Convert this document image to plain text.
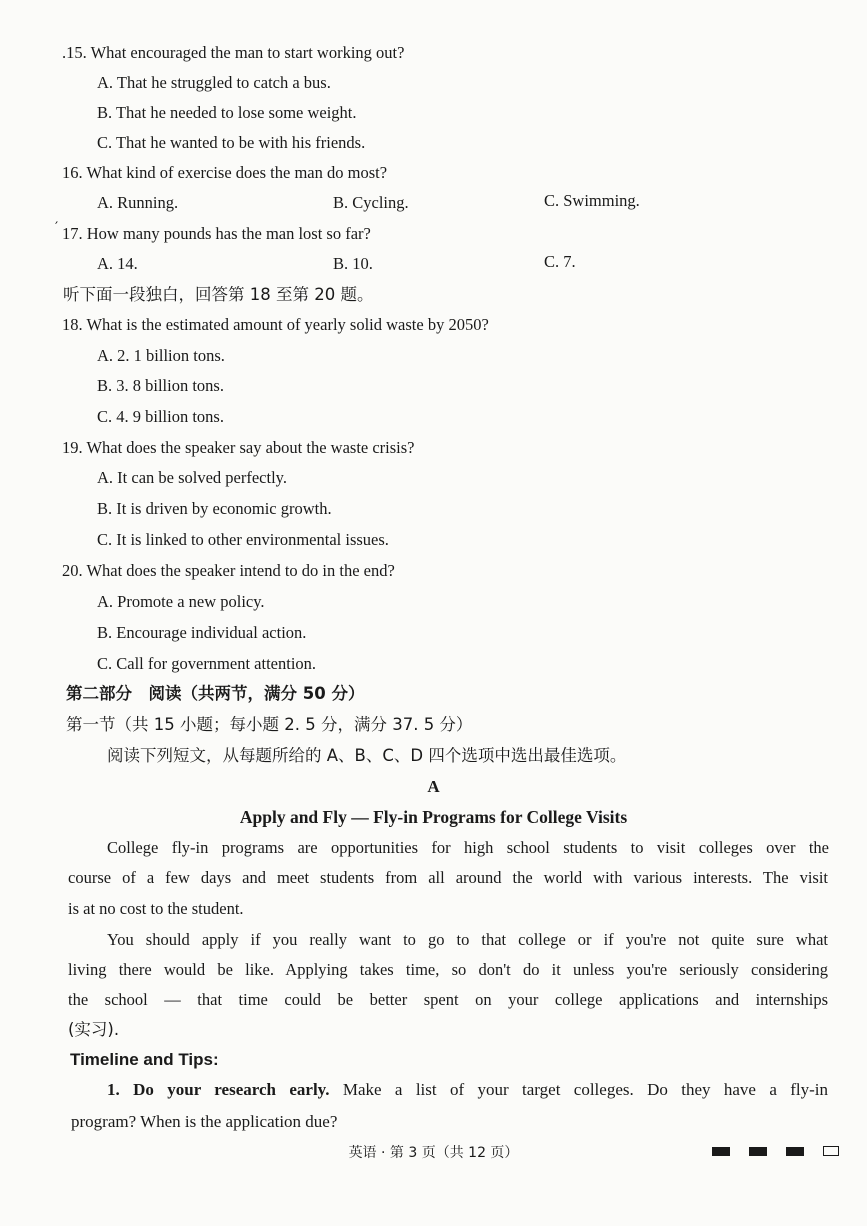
.15. What encouraged the man to start working out?
A. That he struggled to catch a bus.
B. That he needed to lose some weight.
C. That he wanted to be with his friends.
16. What kind of exercise does the man do most?
A. Running.	B. Cycling.	C. Swimming.
′ 17. How many pounds has the man lost so far?
A. 14.	B. 10.	C. 7.
听下面一段独白，回答第 18 至第 20 题。
18. What is the estimated amount of yearly solid waste by 2050?
A. 2. 1 billion tons.
B. 3. 8 billion tons.
C. 4. 9 billion tons.
19. What does the speaker say about the waste crisis?
A. It can be solved perfectly.
B. It is driven by economic growth.
C. It is linked to other environmental issues.
20. What does the speaker intend to do in the end?
A. Promote a new policy.
B. Encourage individual action.
C. Call for government attention.
第二部分　阅读（共两节，满分 50 分）
第一节（共 15 小题；每小题 2. 5 分，满分 37. 5 分）
阅读下列短文，从每题所给的 A、B、C、D 四个选项中选出最佳选项。
A
Apply and Fly — Fly-in Programs for College Visits
College fly-in programs are opportunities for high school students to visit colleges over the
course of a few days and meet students from all around the world with various interests. The visit
is at no cost to the student.
You should apply if you really want to go to that college or if you're not quite sure what
living there would be like. Applying takes time, so don't do it unless you're seriously considering
the school — that time could be better spent on your college applications and internships
(实习).
Timeline and Tips:
1. Do your research early. Make a list of your target colleges. Do they have a fly-in
program? When is the application due?
英语 · 第 3 页（共 12 页）
